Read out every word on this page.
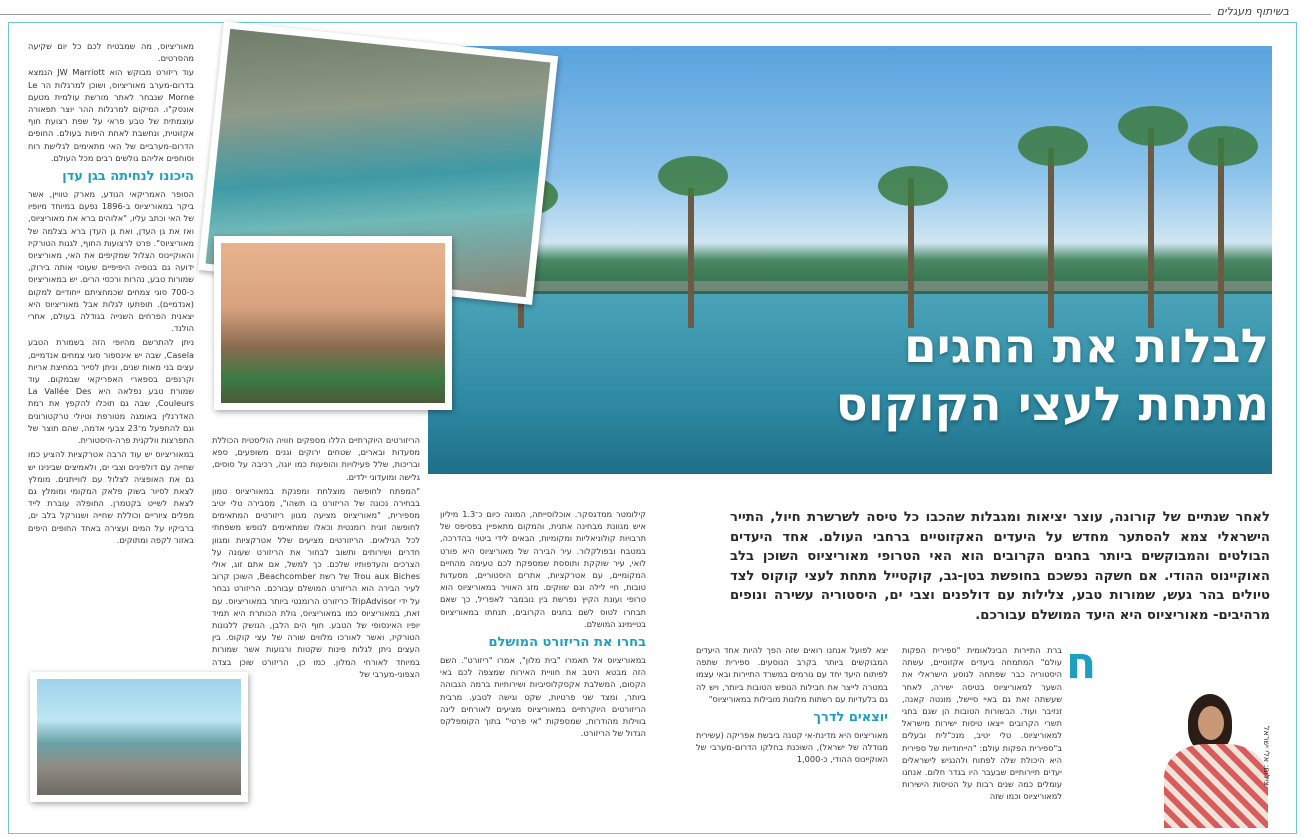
בשיתוף מעגלים

מאוריציוס, מה שמבטיח לכם כל יום שקיעה מהסרטים.

עוד ריזורט מבוקש הוא JW Marriott הנמצא בדרום-מערב מאוריציוס, ושוכן למרגלות הר Le Morne שנבחר לאתר מורשת עולמית מטעם אונסק"ו. המיקום למרגלות ההר יוצר תפאורה עוצמתית של טבע פראי על שפת רצועת חוף אקזוטית, ונחשבת לאחת היפות בעולם. החופים הדרום-מערביים של האי מתאימים לגלישת רוח וסוחפים אליהם גולשים רבים מכל העולם.

היכונו לנחיתה בגן עדן

הסופר האמריקאי הנודע, מארק טוויין, אשר ביקר במאוריציוס ב-1896 נפעם במיוחד מיופיו של האי וכתב עליו, "אלוהים ברא את מאוריציוס, ואז את גן העדן, ואת גן העדן ברא בצלמה של מאוריציוס". פרט לרצועות החוף, לגנות הטורקיז והאוקיינוס הצלול שמקיפים את האי, מאוריציוס ידועה גם בנופיה היפיפיים שעוטי אותה בירוק, שמורות טבע, נהרות ורכסי הרים. יש במאוריציוס כ-700 סוגי צמחים שכמחציתם ייחודיים למקום (אנדמיים). תופתעו לגלות אבל מאוריציוס היא יצאנית הפרחים השנייה בגודלה בעולם, אחרי הולנד.

ניתן להתרשם מהיופי הזה בשמורת הטבע Casela, שבה יש אינספור סוגי צמחים אנדמיים, עצים בני מאות שנים, וניתן לסייר במחיצת אריות וקרנפים בספארי האפריקאי שבמקום. עוד שמורת טבע נפלאה היא La Vallée Des Couleurs, שבה גם תוכלו להקפץ את רמת האדרנלין באומגה מטורפת וטיולי טרקטורונים וגם להתפעל מ־23 צבעי אדמה, שהם תוצר של התפרצות וולקנית פרה-היסטורית.

במאוריציוס יש עוד הרבה אטרקציות להציע כמו שחייה עם דולפינים וצבי ים, ולאמיצים שבינינו יש גם את האופציה לצלול עם לווייתנים. מומלץ לצאת לסיור בשוק פלאק המקומי ומומלץ גם לצאת לשייט בקטמרן. החופלה עוברת לייד מפלים ציוריים וכוללת שחייה ושנורקל בלב ים, ברביקיו על המים ועצירה באחד החופים היפים באזור לקפה ומתוקים.

לבלות את החגים
מתחת לעצי הקוקוס

הריזורטים היוקרתיים הללו מספקים חוויה הוליסטית הכוללת מסעדות ובארים, שטחים ירוקים וגנים משופעים, ספא ובריכות, שלל פעילויות והופעות כמו יוגה, רכיבה על סוסים, גלישה ומועדוני ילדים.

"המפתח לחופשה מוצלחת ומפנקת במאוריציוס טמון בבחירה נכונה של הריזורט בו תשהו", מסבירה טלי יטיב מספירית, "מאוריציוס מציעה מגוון ריזורטים המתאימים לחופשה זוגית רומנטית וכאלו שמתאימים לנופש משפחתי לכל הגילאים. הריזורטים מציעים שלל אטרקציות ומגוון חדרים ושירותים ותשוב לבחור את הריזורט שעונה על הצרכים והעדפותיו שלכם. כך למשל, אם אתם זוג, אולי Trou aux Biches של רשת Beachcomber, השוכן קרוב לעיר הבירה הוא הריזורט המושלם עבורכם. הריזורט נבחר על ידי TripAdvisor כריזורט הרומנטי ביותר במאוריציוס. עם זאת, במאוריציוס כמו במאוריציוס, גולת הכותרת היא תמיד יופיו האינסופי של הטבע. חוף הים הלבן, הנושק ללגונות הטורקיז, ואשר לאורכו מלווים שורה של עצי קוקוס. בין העצים ניתן לגלות פינות שקטות ורגועות אשר שמורות במיוחד לאורחי המלון. כמו כן, הריזורט שוכן בצדה הצפוני-מערבי של

קילומטר ממדגסקר. אוכלוסייתה, המונה כיום כ־1.3 מיליון איש מגוונת מבחינה אתנית, והמקום מתאפיין בפסיפס של תרבויות קולוניאליות ומקומיות, הבאים לידי ביטוי בהדרכה, במטבח ובפולקלור. עיר הבירה של מאוריציוס היא פורט לואי, עיר שוקקת ותוססת שמספקת לכם טעימה מהחיים המקומיים, עם אטרקציות, אתרים היסטוריים, מסעדות טובות, חיי לילה וגם שווקים. מזג האוויר במאוריציוס הוא טרופי ועונת הקיץ נפרשת בין נובמבר לאפריל, כך שאם תבחרו לטוס לשם בחגים הקרובים, תנחתו במאוריציוס בטיימינג המושלם.

בחרו את הריזורט המושלם

במאוריציוס אל תאמרו "בית מלון", אמרו "ריזורט". השם הזה מבטא היטב את חוויית האירוח שמצפה לכם באי הקסום, המשלבת אקסקלוסיביות ושירותיות ברמה הגבוהה ביותר, ומצד שני פרטיות, שקט וגישה לטבע. מרבית הריזורטים היוקרתיים במאוריציוס מציעים לאורחים לינה בווילות מהודרות, שמספקות "אי פרטי" בתוך הקומפלקס הגדול של הריזורט.

לאחר שנתיים של קורונה, עוצר יציאות ומגבלות שהכבו כל טיסה לשרשרת חיול, התייר הישראלי צמא להסתער מחדש על היעדים האקזוטיים ברחבי העולם. אחד היעדים הבולטים והמבוקשים ביותר בחגים הקרובים הוא האי הטרופי מאוריציוס השוכן בלב האוקיינוס ההודי. אם חשקה נפשכם בחופשת בטן-גב, קוקטייל מתחת לעצי קוקוס לצד טיולים בהר געש, שמורות טבע, צלילות עם דולפנים וצבי ים, היסטוריה עשירה ונופים מרהיבים- מאוריציוס היא היעד המושלם עבורכם.

יצא לפועל אנחנו רואים שזה הפך להיות אחד היעדים המבוקשים ביותר בקרב הנוסעים. ספירית שתפה לפיתוח היעד יחד עם גורמים במשרד התיירות ובאי עצמו במטרה לייצר את חבילות הנופש הטובות ביותר, ויש לה גם בלעדיות עם רשתות מלונות מובילות במאוריציוס"

יוצאים לדרך

מאוריציוס היא מדינת-אי קטנה ביבשת אפריקה (עשירית מגודלה של ישראל), השוכנת בחלקו הדרום-מערבי של האוקיינוס ההודי, כ-1,000

ח

ברת התיירות הבינלאומית "ספירית הפקות עולם" המתמחה ביעדים אקזוטיים, עשתה היסטוריה כבר שפתחה לנוסע הישראלי את השער למאוריציוס בטיסה ישירה, לאחר שעשתה זאת גם באיי סיישל, מונטה קאנה, זנזיבר ועוד. הבשורות הטובות הן שגם בחגי תשרי הקרובים ייצאו טיסות ישירות מישראל למאוריציוס. טלי יטיב, מנכ"לית ובעלים ב"ספירית הפקות עולם: "הייחודיות של ספירית היא היכולת שלה לפתוח ולהנגיש לישראלים יעדים תיירותיים שבעבר היו בגדר חלום. אנחנו עומלים כמה שנים רבות על הטיסות הישירות למאוריציוס וכמו שזה

צילום: אלי ישראל
